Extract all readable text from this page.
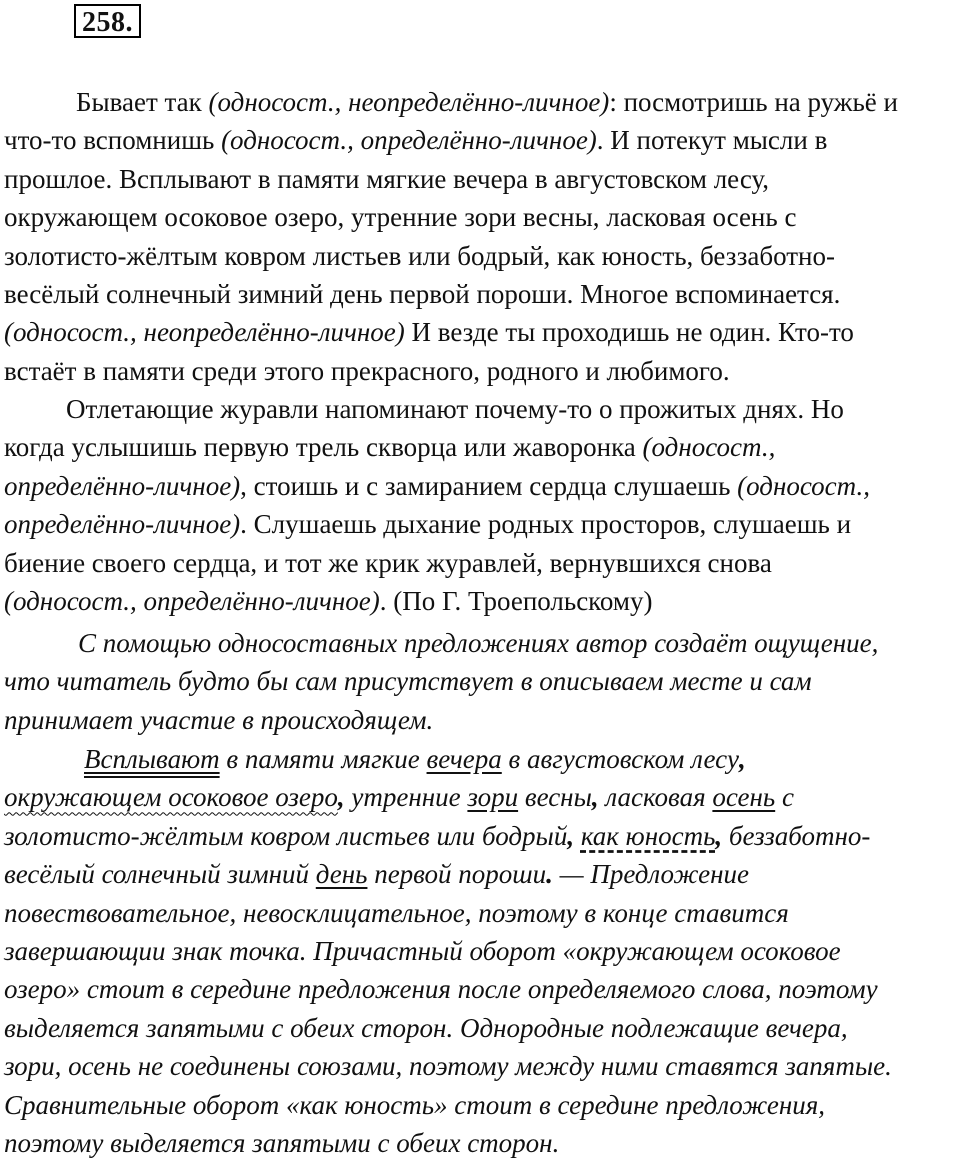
258.
Бывает так (односост., неопределённо-личное): посмотришь на ружьё и
что-то вспомнишь (односост., определённо-личное). И потекут мысли в
прошлое. Всплывают в памяти мягкие вечера в августовском лесу,
окружающем осоковое озеро, утренние зори весны, ласковая осень с
золотисто-жёлтым ковром листьев или бодрый, как юность, беззаботно-
весёлый солнечный зимний день первой пороши. Многое вспоминается.
(односост., неопределённо-личное) И везде ты проходишь не один. Кто-то
встаёт в памяти среди этого прекрасного, родного и любимого.
Отлетающие журавли напоминают почему-то о прожитых днях. Но
когда услышишь первую трель скворца или жаворонка (односост.,
определённо-личное), стоишь и с замиранием сердца слушаешь (односост.,
определённо-личное). Слушаешь дыхание родных просторов, слушаешь и
биение своего сердца, и тот же крик журавлей, вернувшихся снова
(односост., определённо-личное). (По Г. Троепольскому)
С помощью односоставных предложениях автор создаёт ощущение,
что читатель будто бы сам присутствует в описываем месте и сам
принимает участие в происходящем.
Всплывают в памяти мягкие вечера в августовском лесу,
окружающем осоковое озеро, утренние зори весны, ласковая осень с
золотисто-жёлтым ковром листьев или бодрый, как юность, беззаботно-
весёлый солнечный зимний день первой пороши. — Предложение
повествовательное, невосклицательное, поэтому в конце ставится
завершающии знак точка. Причастный оборот «окружающем осоковое
озеро» стоит в середине предложения после определяемого слова, поэтому
выделяется запятыми с обеих сторон. Однородные подлежащие вечера,
зори, осень не соединены союзами, поэтому между ними ставятся запятые.
Сравнительные оборот «как юность» стоит в середине предложения,
поэтому выделяется запятыми с обеих сторон.
